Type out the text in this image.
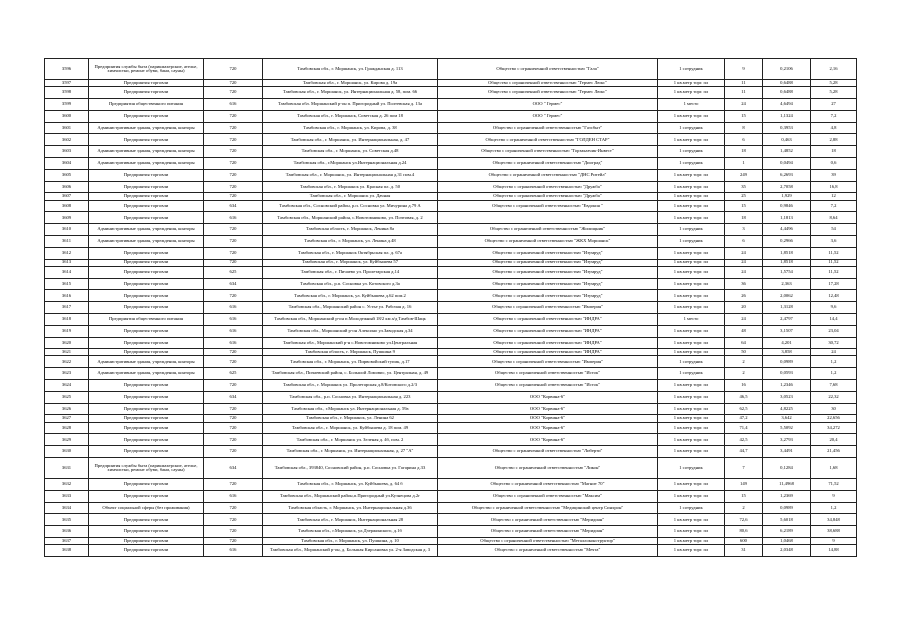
3596	Предприятия службы быта (парикмахерские, ателье, химчистки, ремонт обуви, бани, сауны)	720	Тамбовская обл., г. Моршанск, ул. Гражданская д. 113	Общество с ограниченной ответственностью "Гала"	1 сотрудник	9	0,2106	2,16
3597	Предприятия торговли	720	Тамбовская обл., г. Моршанск, ул. Кирова д. 19а	Общество с ограниченной ответственностью "Гермес Люкс"	1 кв.метр торг. пл	11	0,6488	5,28
3598	Предприятия торговли	720	Тамбовская обл., г. Моршанск, ул. Интернациональная д. 58, пом. 66	Общество с ограниченной ответственностью "Гермес Люкс"	1 кв.метр торг. пл	11	0,6488	5,28
3599	Предприятия общественного питания	616	Тамбовская обл. Моршанский р-он п. Пригородный ул. Полтевская д. 13а	ООО " Гермес"	1 место	24	4,6494	27
3600	Предприятия торговли	720	Тамбовская обл., г. Моршанск, Советская д. 26 пом 18	ООО " Гермес"	1 кв.метр торг. пл	15	1,1324	7,2
3601	Административные здания, учреждения, конторы	720	Тамбовская обл., г. Моршанск, ул. Кирова, д. 38	Общество с ограниченной ответственностью "Газсбыт"	1 сотрудник	8	0,3953	4,8
3602	Предприятия торговли	720	Тамбовская обл., г. Моршанск, ул. Интернациональная, д. 47	Общество с ограниченной ответственностью "ГОЛДЕН СТАР"	1 кв.метр торг. пл	6	0,463	2,88
3603	Административные здания, учреждения, конторы	720	Тамбовская обл., г. Моршанск, ул. Советская д.48	Общество с ограниченной ответственностью "Горзаказчик-Инвест"	1 сотрудник	18	1,4852	18
3604	Административные здания, учреждения, конторы	720	Тамбовская обл., г.Моршанск ул.Интернациональная д.24	Общество с ограниченной ответственностью "Диоград"	1 сотрудник	1	0,0494	0,6
3605	Предприятия торговли	720	Тамбовская обл., г. Моршанск, ул. Интернациональная д.31 пом.4	Общество с ограниченной ответственностью "ДНС Ритейл"	1 кв.метр торг. пл	249	6,2693	39
3606	Предприятия торговли	720	Тамбовская обл., г. Моршанск ул. Красная пл. д. 50	Общество с ограниченной ответственностью "Дружба"	1 кв.метр торг. пл	35	2,7058	16,8
3607	Предприятия торговли	720	Тамбовская обл., г. Моршанск ул. Дачная	Общество с ограниченной ответственностью "Дружба"	1 кв.метр торг. пл	25	1,929	12
3608	Предприятия торговли	634	Тамбовская обл., Сосновский район, р.п. Сосновка ул. Мичурина д.79 А	Общество с ограниченной ответственностью "Евдокия "	1 кв.метр торг. пл	15	0,9846	7,2
3609	Предприятия торговли	616	Тамбовская обл., Моршанский район, с.Новотомниково, ул. Почтовая, д. 2		1 кв.метр торг. пл	18	1,1813	8,64
3610	Административные здания, учреждения, конторы	720	Тамбовская область, г. Моршанск, Ленина 8а	Общество с ограниченной ответственностью "Жилищник"	1 сотрудник	3	4,4496	54
3611	Административные здания, учреждения, конторы	720	Тамбовская обл., г. Моршанск, ул. Ленина д.48	Общество с ограниченной ответственностью "ЖКХ Моршанск"	1 сотрудник	6	0,2966	3,6
3612	Предприятия торговли	720	Тамбовская обл., г. Моршанск Октябрьская пл. д. 67а	Общество с ограниченной ответственностью "Изумруд"	1 кв.метр торг. пл	24	1,8518	11,52
3613	Предприятия торговли	720	Тамбовская обл., г. Моршанск, ул. Куйбышева 57	Общество с ограниченной ответственностью "Изумруд"	1 кв.метр торг. пл	24	1,8518	11,52
3614	Предприятия торговли	625	Тамбовская обл., г. Пичаево ул. Пролетарская д.14	Общество с ограниченной ответственностью "Изумруд"	1 кв.метр торг. пл	24	1,5754	11,52
3615	Предприятия торговли	634	Тамбовская обл., р.п. Сосновка ул. Котовского д.3а	Общество с ограниченной ответственностью "Изумруд"	1 кв.метр торг. пл	36	2,363	17,28
3616	Предприятия торговли	720	Тамбовская обл., г. Моршанск, ул. Куйбышева д.62 пом.2	Общество с ограниченной ответственностью "Изумруд"	1 кв.метр торг. пл	26	2,0062	12,48
3617	Предприятия торговли	616	Тамбовская обл., Моршанский район с. Устье ул. Рабочая д. 16	Общество с ограниченной ответственностью "Империя"	1 кв.метр торг. пл	20	1,3128	9,6
3618	Предприятия общественного питания	616	Тамбовская обл., Моршанский р-он п.Молодежный 18/2 км а/д Тамбов-Шацк	Общество с ограниченной ответственностью "ИНДРА"	1 место	24	2,4797	14,4
3619	Предприятия торговли	616	Тамбовская обл., Моршанский р-он Алексино ул.Заводская д.34	Общество с ограниченной ответственностью "ИНДРА"	1 кв.метр торг. пл	48	3,1507	23,04
3620	Предприятия торговли	616	Тамбовская обл., Моршанский р-н с.Новотомниково ул.Центральная	Общество с ограниченной ответственностью "ИНДРА"	1 кв.метр торг. пл	64	4,201	30,72
3621	Предприятия торговли	720	Тамбовская область, г. Моршанск, Пушкина 9	Общество с ограниченной ответственностью "ИНДРА"	1 кв.метр торг. пл	50	3,858	24
3622	Административные здания, учреждения, конторы	720	Тамбовская обл., г. Моршанск, ул. Пирвовойский тупик, д.17	Общество с ограниченной ответственностью "Империя"	1 сотрудник	2	0,0989	1,2
3623	Административные здания, учреждения, конторы	625	Тамбовская обл., Пичаевский район, с. Большой Ломовис, ул. Централная, д. 49	Общество с ограниченной ответственностью "Исток"	1 сотрудник	2	0,0593	1,2
3624	Предприятия торговли	720	Тамбовская обл., г. Моршанск ул. Пролетарская д.8/Котовского д.2/3	Общество с ограниченной ответственностью "Исток"	1 кв.метр торг. пл	16	1,2346	7,68
3625	Предприятия торговли	634	Тамбовская обл., р.п. Сосновка ул. Интернациональная д. 223	ООО "Корвина-6"	1 кв.метр торг. пл	46,5	3,0523	22,32
3626	Предприятия торговли	720	Тамбовская обл., г.Моршанск ул. Интернациональная д. 59а	ООО "Корвина-6"	1 кв.метр торг. пл	62,5	4,8225	30
3627	Предприятия торговли	720	Тамбовская обл., г. Моршанск, ул. Ленина 62	ООО "Корвина-6"	1 кв.метр торг. пл	47,2	3,642	22,656
3628	Предприятия торговли	720	Тамбовская обл., г. Моршанск, ул. Куйбышева д. 18 пом. 49	ООО "Корвина-6"	1 кв.метр торг. пл	71,4	5,5092	34,272
3629	Предприятия торговли	720	Тамбовская обл., г. Моршанск ул. Зеленая д. 4б, пом. 2	ООО "Корвина-6"	1 кв.метр торг. пл	42,5	3,2793	20,4
3630	Предприятия торговли	720	Тамбовская обл., г. Моршанск, ул. Интернациональная, д. 27 "А"	Общество с ограниченной ответственностью "Либерти"	1 кв.метр торг. пл	44,7	3,4491	21,456
3631	Предприятия службы быта (парикмахерские, ателье, химчистки, ремонт обуви, бани, сауны)	634	Тамбовская обл., 393840, Сосновский район, р.п. Сосновка ул. Гагарина д.33	Общество с ограниченной ответственностью "Ликон"	1 сотрудник	7	0,1284	1,68
3632	Предприятия торговли	720	Тамбовская обл., г. Моршанск, ул. Куйбышева, д. 64 б	Общество с ограниченной ответственностью "Магнит 70"	1 кв.метр торг. пл	149	11,4968	71,52
3633	Предприятия торговли	616	Тамбовская обл., Моршанский район,п.Пригородный ул.Кузнецова д.2г	Общество с ограниченной ответственностью "Максим"	1 кв.метр торг. пл	15	1,2369	9
3634	Объект социальной сферы (без проживания)	720	Тамбовская область, г. Моршанск, ул. Интернациональная д.36	Общество с ограниченной ответственностью "Медицинский центр Синхрон"	1 сотрудник	2	0,0989	1,2
3635	Предприятия торговли	720	Тамбовская обл., г. Моршанск, Интернациональная 28	Общество с ограниченной ответственностью "Меридиан"	1 кв.метр торг. пл	72,6	5,6018	34,848
3636	Предприятия торговли	720	Тамбовская обл., г.Моршанск, ул.Дзержинского, д.1б	Общество с ограниченной ответственностью "Меридиан"	1 кв.метр торг. пл	80,6	6,2189	38,688
3637	Предприятия торговли	720	Тамбовская обл., г. Моршанск, ул. Пушкина, д. 10	Общество с ограниченной ответственностью "Металлоконструктор"	1 кв.метр торг. пл	600	1,0468	9
3638	Предприятия торговли	616	Тамбовская обл., Моршанский р-он, д. Большая Кирсановка ул. 2-я Заводская д. 3	Общество с ограниченной ответственностью "Мечта"	1 кв.метр торг. пл	31	2,0348	14,88
